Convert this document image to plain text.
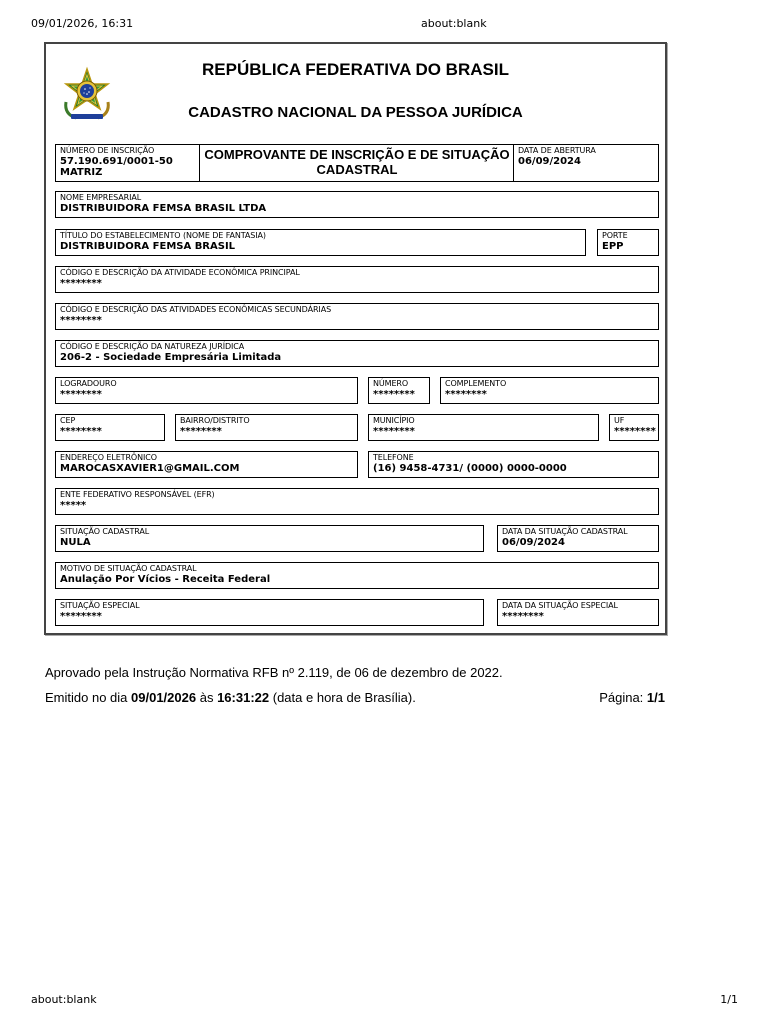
09/01/2026, 16:31	about:blank
about:blank	1/1
REPÚBLICA FEDERATIVA DO BRASIL
CADASTRO NACIONAL DA PESSOA JURÍDICA
NÚMERO DE INSCRIÇÃO
57.190.691/0001-50
MATRIZ
COMPROVANTE DE INSCRIÇÃO E DE SITUAÇÃO CADASTRAL
DATA DE ABERTURA
06/09/2024
NOME EMPRESARIAL
DISTRIBUIDORA FEMSA BRASIL LTDA
TÍTULO DO ESTABELECIMENTO (NOME DE FANTASIA)
DISTRIBUIDORA FEMSA BRASIL
PORTE
EPP
CÓDIGO E DESCRIÇÃO DA ATIVIDADE ECONÔMICA PRINCIPAL
********
CÓDIGO E DESCRIÇÃO DAS ATIVIDADES ECONÔMICAS SECUNDÁRIAS
********
CÓDIGO E DESCRIÇÃO DA NATUREZA JURÍDICA
206-2 - Sociedade Empresária Limitada
LOGRADOURO
********
NÚMERO
********
COMPLEMENTO
********
CEP
********
BAIRRO/DISTRITO
********
MUNICÍPIO
********
UF
********
ENDEREÇO ELETRÔNICO
MAROCASXAVIER1@GMAIL.COM
TELEFONE
(16) 9458-4731/ (0000) 0000-0000
ENTE FEDERATIVO RESPONSÁVEL (EFR)
*****
SITUAÇÃO CADASTRAL
NULA
DATA DA SITUAÇÃO CADASTRAL
06/09/2024
MOTIVO DE SITUAÇÃO CADASTRAL
Anulação Por Vícios - Receita Federal
SITUAÇÃO ESPECIAL
********
DATA DA SITUAÇÃO ESPECIAL
********
Aprovado pela Instrução Normativa RFB nº 2.119, de 06 de dezembro de 2022.
Emitido no dia 09/01/2026 às 16:31:22 (data e hora de Brasília).	Página: 1/1
